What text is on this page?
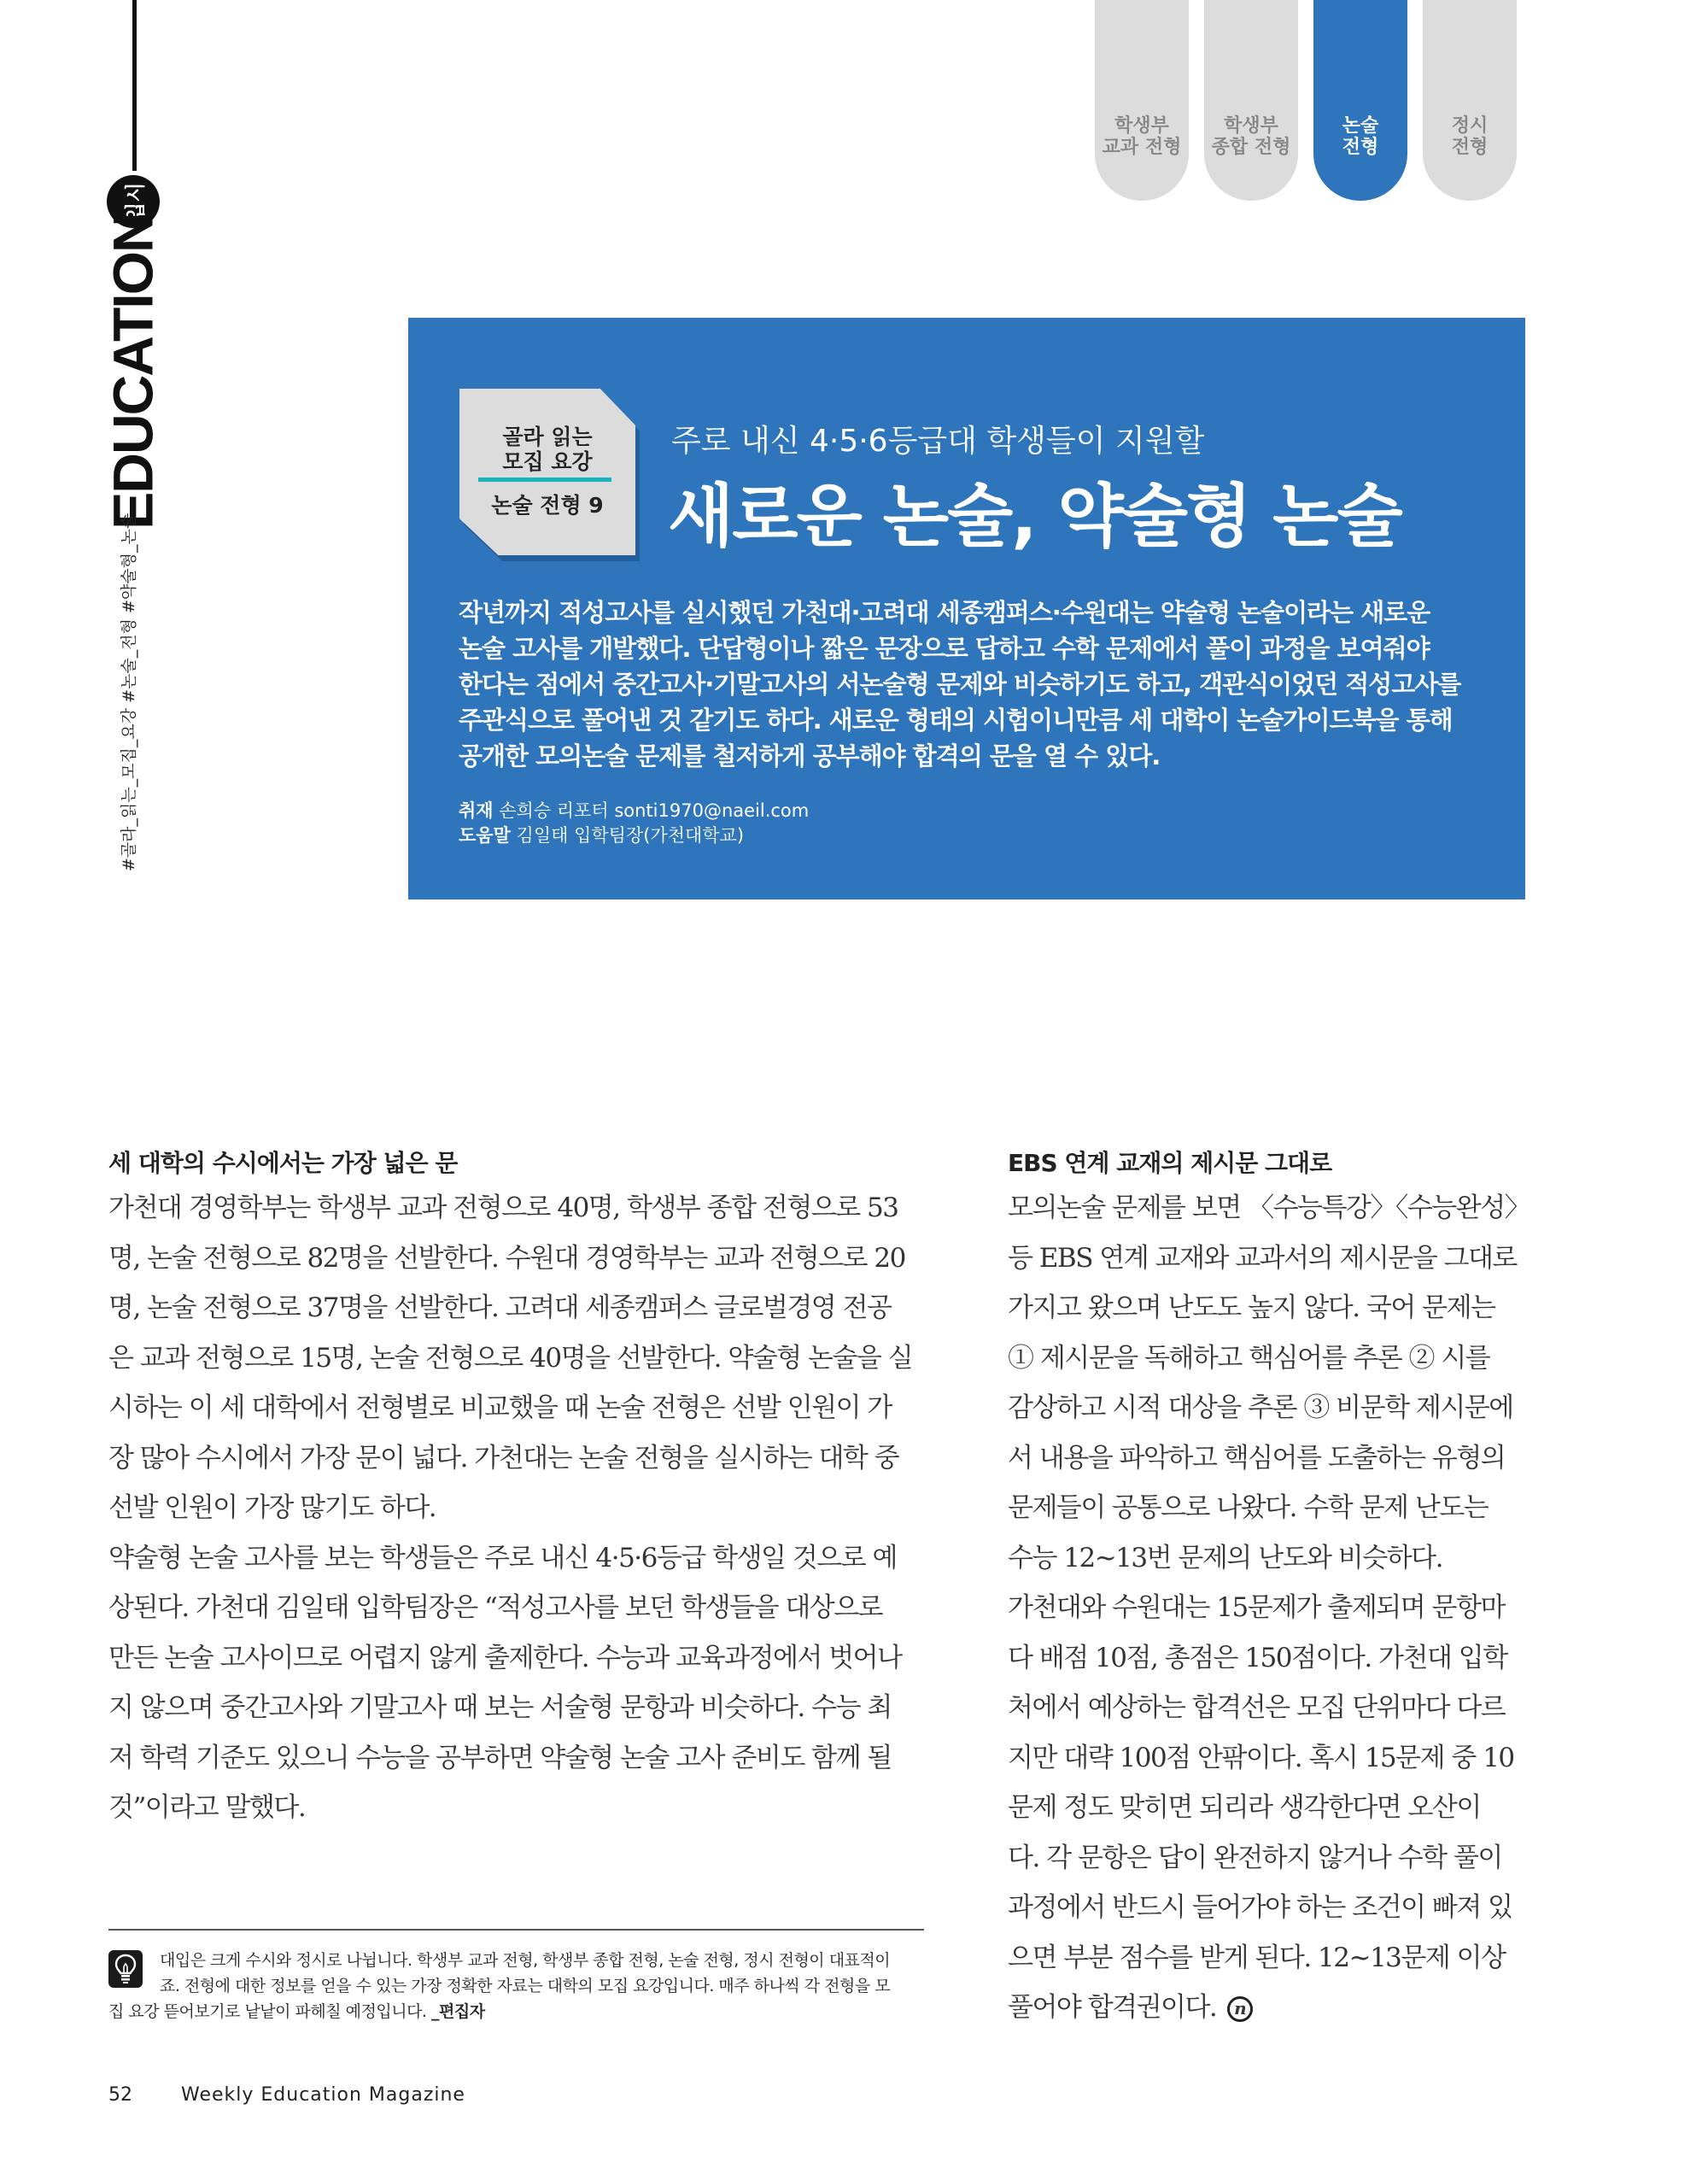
입시
EDUCATION
#골라_읽는_모집_요강 #논술_전형 #약술형_논술
학생부
교과 전형
학생부
종합 전형
논술
전형
정시
전형
골라 읽는
모집 요강
논술 전형 9
주로 내신 4·5·6등급대 학생들이 지원할
새로운 논술, 약술형 논술
작년까지 적성고사를 실시했던 가천대·고려대 세종캠퍼스·수원대는 약술형 논술이라는 새로운
논술 고사를 개발했다. 단답형이나 짧은 문장으로 답하고 수학 문제에서 풀이 과정을 보여줘야
한다는 점에서 중간고사·기말고사의 서논술형 문제와 비슷하기도 하고, 객관식이었던 적성고사를
주관식으로 풀어낸 것 같기도 하다. 새로운 형태의 시험이니만큼 세 대학이 논술가이드북을 통해
공개한 모의논술 문제를 철저하게 공부해야 합격의 문을 열 수 있다.
취재 손희승 리포터 sonti1970@naeil.com
도움말 김일태 입학팀장(가천대학교)
세 대학의 수시에서는 가장 넓은 문
가천대 경영학부는 학생부 교과 전형으로 40명, 학생부 종합 전형으로 53
명, 논술 전형으로 82명을 선발한다. 수원대 경영학부는 교과 전형으로 20
명, 논술 전형으로 37명을 선발한다. 고려대 세종캠퍼스 글로벌경영 전공
은 교과 전형으로 15명, 논술 전형으로 40명을 선발한다. 약술형 논술을 실
시하는 이 세 대학에서 전형별로 비교했을 때 논술 전형은 선발 인원이 가
장 많아 수시에서 가장 문이 넓다. 가천대는 논술 전형을 실시하는 대학 중
선발 인원이 가장 많기도 하다.
약술형 논술 고사를 보는 학생들은 주로 내신 4·5·6등급 학생일 것으로 예
상된다. 가천대 김일태 입학팀장은 “적성고사를 보던 학생들을 대상으로
만든 논술 고사이므로 어렵지 않게 출제한다. 수능과 교육과정에서 벗어나
지 않으며 중간고사와 기말고사 때 보는 서술형 문항과 비슷하다. 수능 최
저 학력 기준도 있으니 수능을 공부하면 약술형 논술 고사 준비도 함께 될
것”이라고 말했다.
대입은 크게 수시와 정시로 나뉩니다. 학생부 교과 전형, 학생부 종합 전형, 논술 전형, 정시 전형이 대표적이
죠. 전형에 대한 정보를 얻을 수 있는 가장 정확한 자료는 대학의 모집 요강입니다. 매주 하나씩 각 전형을 모
집 요강 뜯어보기로 낱낱이 파헤칠 예정입니다. _편집자
EBS 연계 교재의 제시문 그대로
모의논술 문제를 보면 〈수능특강〉〈수능완성〉
등 EBS 연계 교재와 교과서의 제시문을 그대로
가지고 왔으며 난도도 높지 않다. 국어 문제는
① 제시문을 독해하고 핵심어를 추론 ② 시를
감상하고 시적 대상을 추론 ③ 비문학 제시문에
서 내용을 파악하고 핵심어를 도출하는 유형의
문제들이 공통으로 나왔다. 수학 문제 난도는
수능 12~13번 문제의 난도와 비슷하다.
가천대와 수원대는 15문제가 출제되며 문항마
다 배점 10점, 총점은 150점이다. 가천대 입학
처에서 예상하는 합격선은 모집 단위마다 다르
지만 대략 100점 안팎이다. 혹시 15문제 중 10
문제 정도 맞히면 되리라 생각한다면 오산이
다. 각 문항은 답이 완전하지 않거나 수학 풀이
과정에서 반드시 들어가야 하는 조건이 빠져 있
으면 부분 점수를 받게 된다. 12~13문제 이상
풀어야 합격권이다. n
52	Weekly Education Magazine
